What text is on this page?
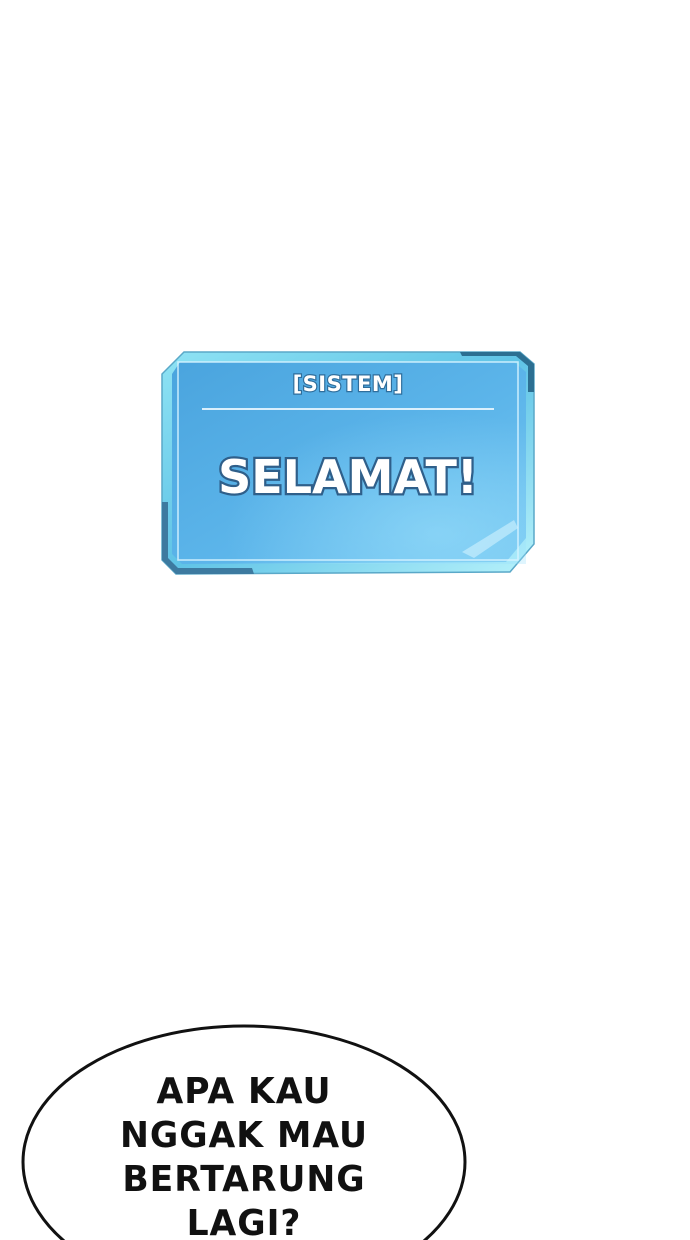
[SISTEM]
SELAMAT!
APA KAU
NGGAK MAU
BERTARUNG
LAGI?
